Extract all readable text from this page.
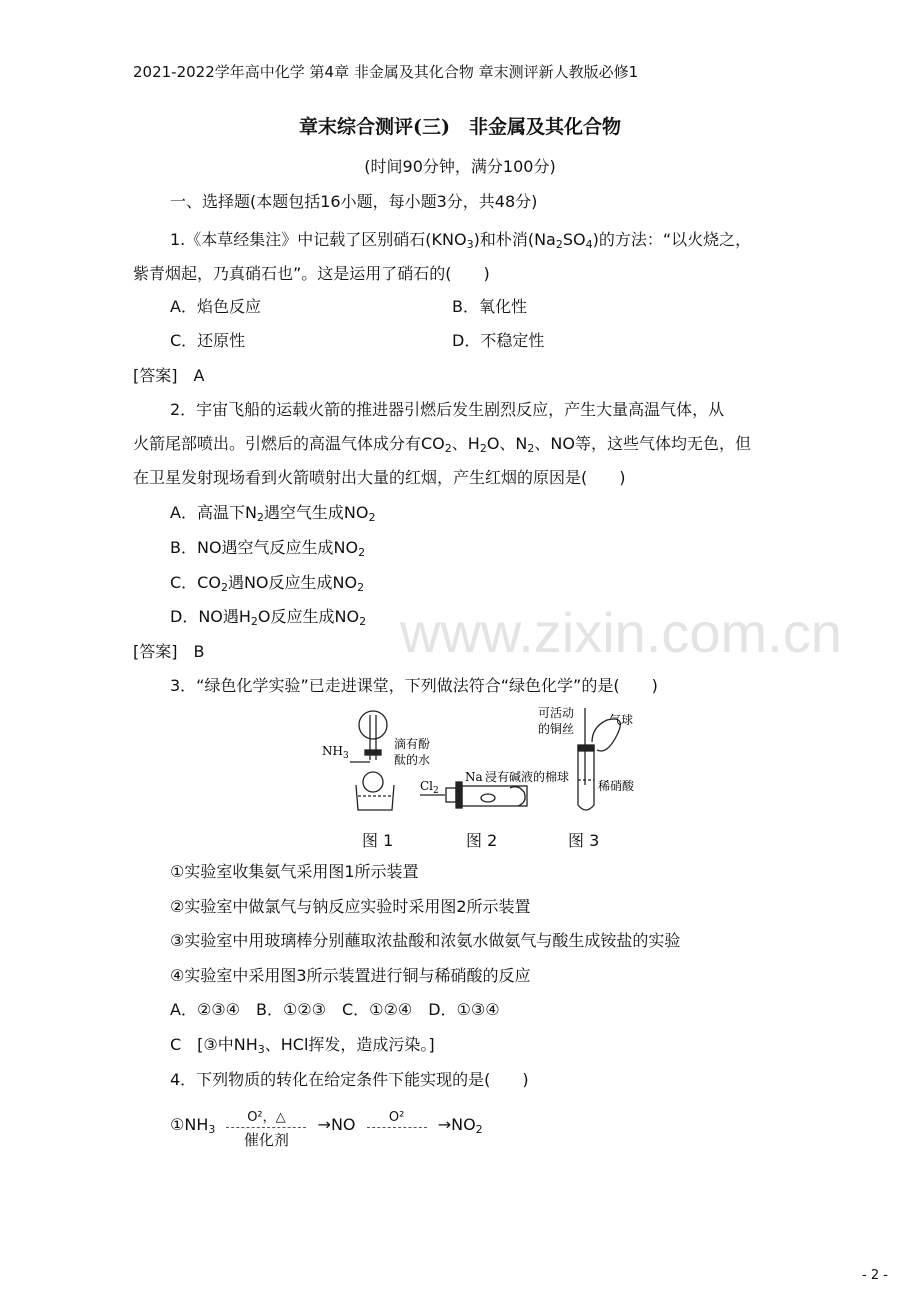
www.zixin.com.cn
2021-2022学年高中化学 第4章 非金属及其化合物 章末测评新人教版必修1
章末综合测评(三)　非金属及其化合物
(时间90分钟，满分100分)
一、选择题(本题包括16小题，每小题3分，共48分)
1.《本草经集注》中记载了区别硝石$(KNO_3)$和朴消$(Na_2SO_4)$的方法：“以火烧之，
紫青烟起，乃真硝石也”。这是运用了硝石的(　　)
A．焰色反应	B．氧化性
C．还原性	D．不稳定性
[答案]　A
2．宇宙飞船的运载火箭的推进器引燃后发生剧烈反应，产生大量高温气体，从
火箭尾部喷出。引燃后的高温气体成分有$CO_2$、$H_2O$、$N_2$、NO等，这些气体均无色，但
在卫星发射现场看到火箭喷射出大量的红烟，产生红烟的原因是(　　)
A．高温下$N_2$遇空气生成$NO_2$
B．NO遇空气反应生成$NO_2$
C．$CO_2$遇NO反应生成$NO_2$
D．NO遇$H_2O$反应生成$NO_2$
[答案]　B
3．“绿色化学实验”已走进课堂，下列做法符合“绿色化学”的是(　　)
$NH_3$
滴有酚
酞的水
$Cl_2$
Na 浸有碱液的棉球
可活动
的铜丝
气球
稀硝酸
图 1	图 2	图 3
①实验室收集氨气采用图1所示装置
②实验室中做氯气与钠反应实验时采用图2所示装置
③实验室中用玻璃棒分别蘸取浓盐酸和浓氨水做氨气与酸生成铵盐的实验
④实验室中采用图3所示装置进行铜与稀硝酸的反应
A．②③④　B．①②③　C．①②④　D．①③④
C　[③中$NH_3$、HCl挥发，造成污染。]
4．下列物质的转化在给定条件下能实现的是(　　)
$①NH_3$
O²，△
催化剂
→NO	O²	$\to NO_2$
- 2 -
